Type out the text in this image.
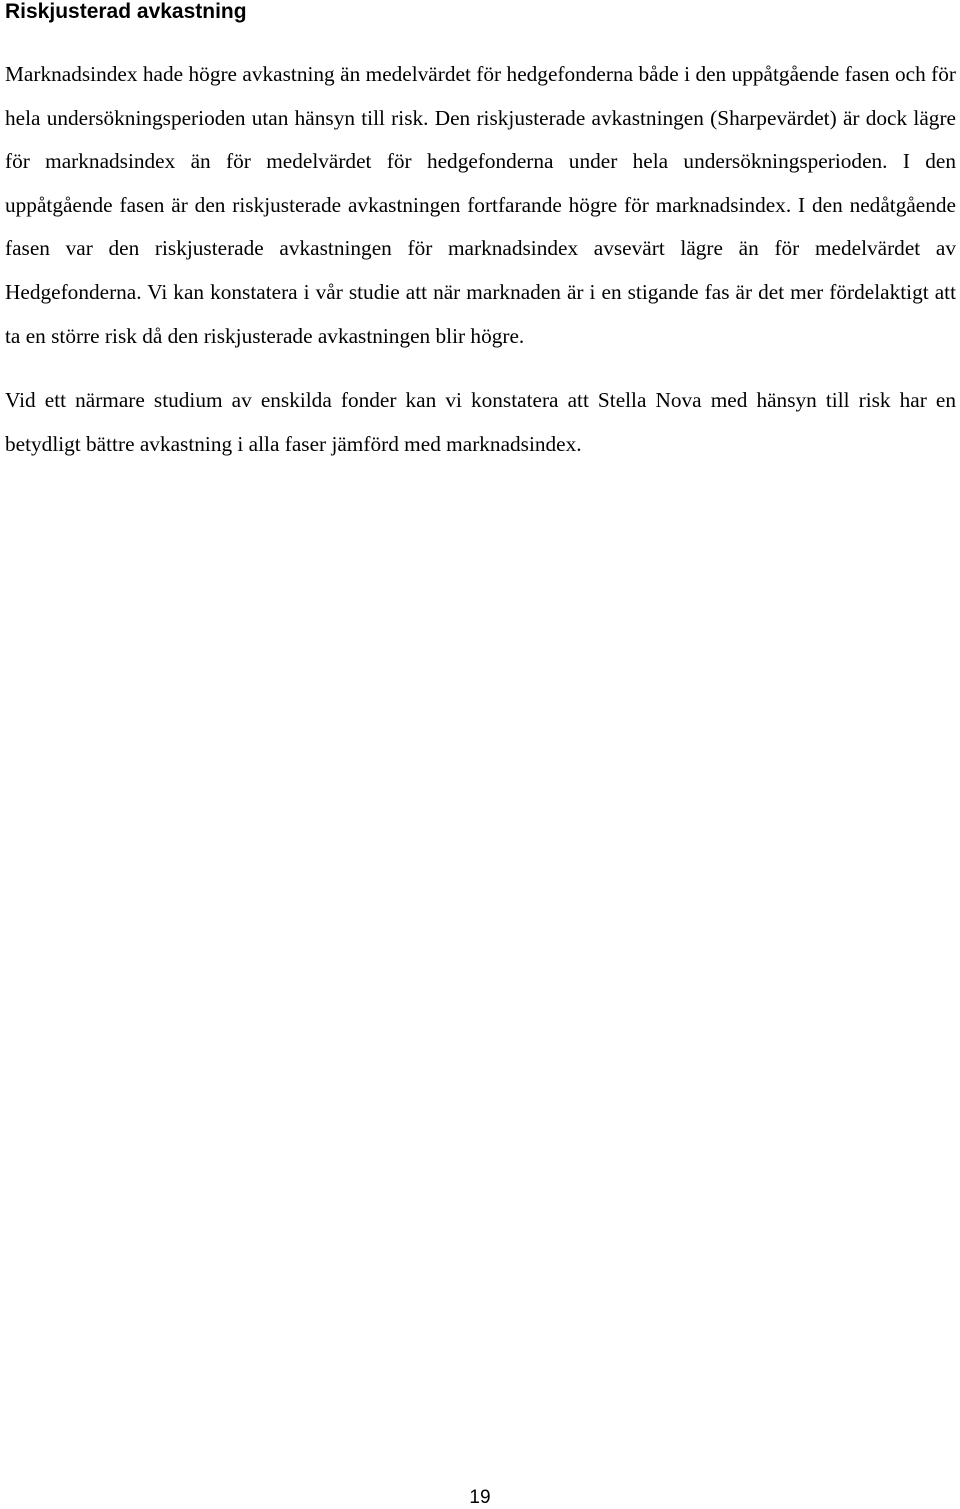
Riskjusterad avkastning

Marknadsindex hade högre avkastning än medelvärdet för hedgefonderna både i den uppåtgående fasen och för hela undersökningsperioden utan hänsyn till risk. Den riskjusterade avkastningen (Sharpevärdet) är dock lägre för marknadsindex än för medelvärdet för hedgefonderna under hela undersökningsperioden. I den uppåtgående fasen är den riskjusterade avkastningen fortfarande högre för marknadsindex. I den nedåtgående fasen var den riskjusterade avkastningen för marknadsindex avsevärt lägre än för medelvärdet av Hedgefonderna. Vi kan konstatera i vår studie att när marknaden är i en stigande fas är det mer fördelaktigt att ta en större risk då den riskjusterade avkastningen blir högre.

Vid ett närmare studium av enskilda fonder kan vi konstatera att Stella Nova med hänsyn till risk har en betydligt bättre avkastning i alla faser jämförd med marknadsindex.

19
